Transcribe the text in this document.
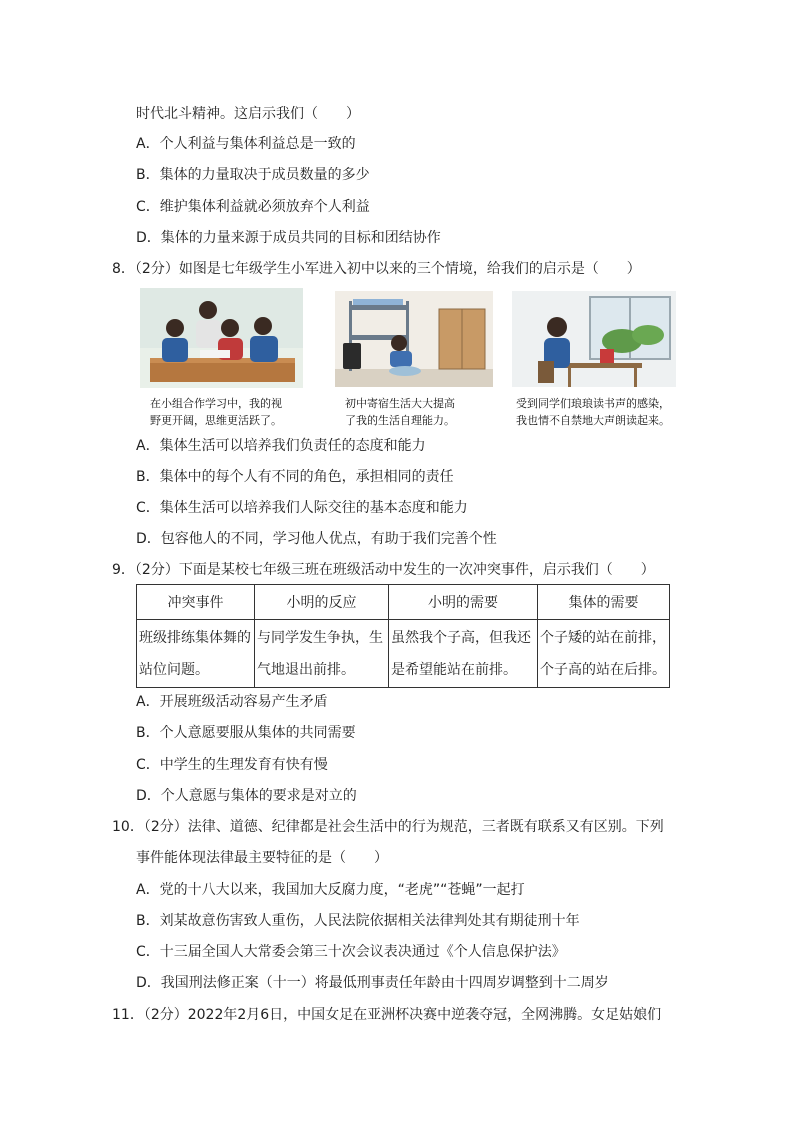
时代北斗精神。这启示我们（　　）
A．个人利益与集体利益总是一致的
B．集体的力量取决于成员数量的多少
C．维护集体利益就必须放弃个人利益
D．集体的力量来源于成员共同的目标和团结协作
8．（2分）如图是七年级学生小军进入初中以来的三个情境，给我们的启示是（　　）
在小组合作学习中，我的视
野更开阔，思维更活跃了。
初中寄宿生活大大提高
了我的生活自理能力。
受到同学们琅琅读书声的感染，
我也情不自禁地大声朗读起来。
A．集体生活可以培养我们负责任的态度和能力
B．集体中的每个人有不同的角色，承担相同的责任
C．集体生活可以培养我们人际交往的基本态度和能力
D．包容他人的不同，学习他人优点，有助于我们完善个性
9．（2分）下面是某校七年级三班在班级活动中发生的一次冲突事件，启示我们（　　）
冲突事件	小明的反应	小明的需要	集体的需要
班级排练集体舞的站位问题。	与同学发生争执，生气地退出前排。	虽然我个子高，但我还是希望能站在前排。	个子矮的站在前排，个子高的站在后排。
A．开展班级活动容易产生矛盾
B．个人意愿要服从集体的共同需要
C．中学生的生理发育有快有慢
D．个人意愿与集体的要求是对立的
10．（2分）法律、道德、纪律都是社会生活中的行为规范，三者既有联系又有区别。下列
事件能体现法律最主要特征的是（　　）
A．党的十八大以来，我国加大反腐力度，“老虎”“苍蝇”一起打
B．刘某故意伤害致人重伤，人民法院依据相关法律判处其有期徒刑十年
C．十三届全国人大常委会第三十次会议表决通过《个人信息保护法》
D．我国刑法修正案（十一）将最低刑事责任年龄由十四周岁调整到十二周岁
11．（2分）2022年2月6日，中国女足在亚洲杯决赛中逆袭夺冠，全网沸腾。女足姑娘们
